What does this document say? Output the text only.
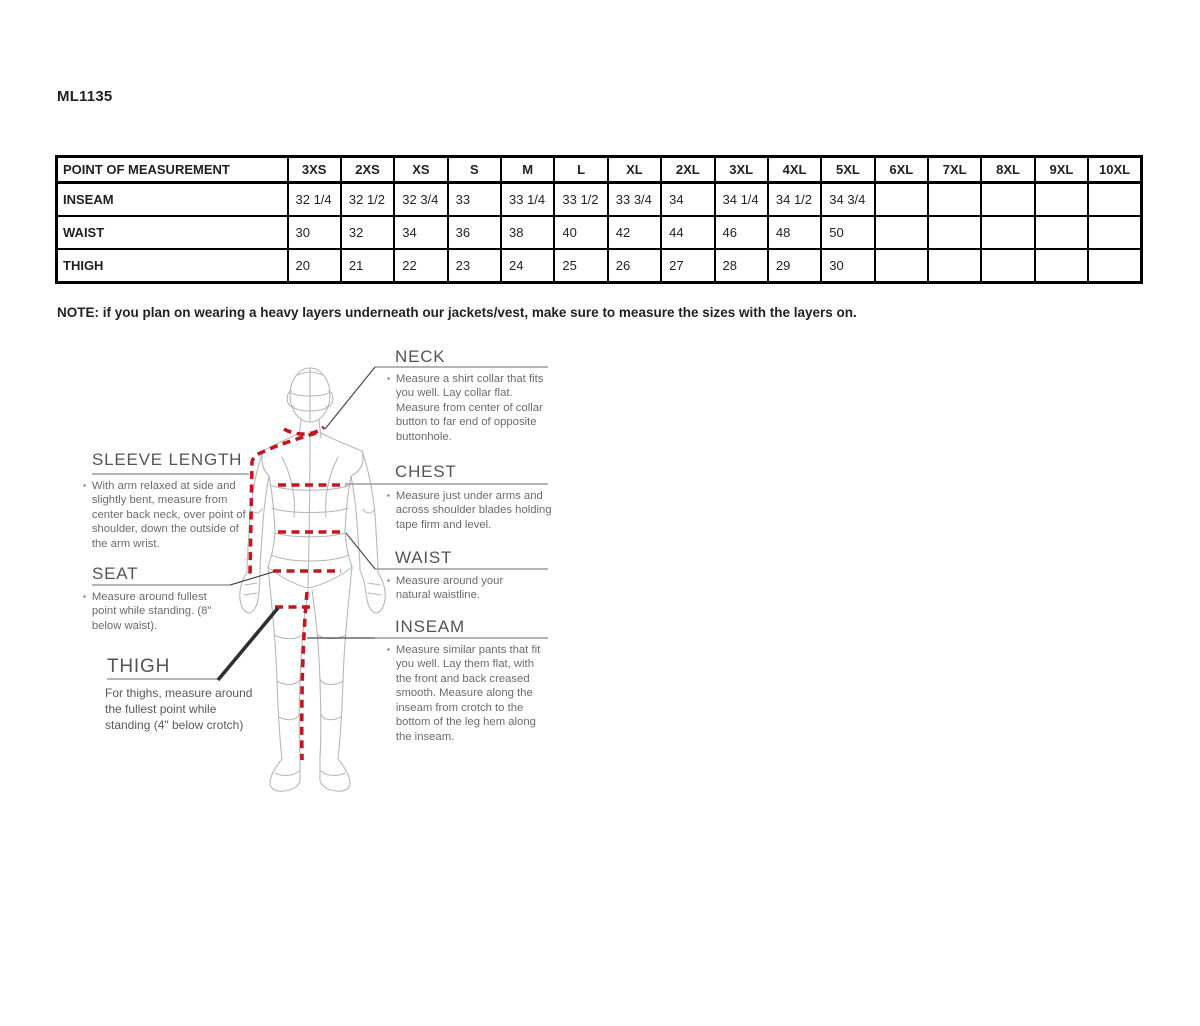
ML1135
POINT OF MEASUREMENT	3XS	2XS	XS	S	M	L	XL	2XL	3XL	4XL	5XL	6XL	7XL	8XL	9XL	10XL
INSEAM	32 1/4	32 1/2	32 3/4	33	33 1/4	33 1/2	33 3/4	34	34 1/4	34 1/2	34 3/4					
WAIST	30	32	34	36	38	40	42	44	46	48	50					
THIGH	20	21	22	23	24	25	26	27	28	29	30					
NOTE: if you plan on wearing a heavy layers underneath our jackets/vest, make sure to measure the sizes with the layers on.
NECK
▪ Measure a shirt collar that fits you well. Lay collar flat. Measure from center of collar button to far end of opposite buttonhole.
CHEST
▪ Measure just under arms and across shoulder blades holding tape firm and level.
WAIST
▪ Measure around your natural waistline.
INSEAM
▪ Measure similar pants that fit you well. Lay them flat, with the front and back creased smooth. Measure along the inseam from crotch to the bottom of the leg hem along the inseam.
SLEEVE LENGTH
▪ With arm relaxed at side and slightly bent, measure from center back neck, over point of shoulder, down the outside of the arm wrist.
SEAT
▪ Measure around fullest point while standing. (8" below waist).
THIGH
For thighs, measure around the fullest point while standing (4" below crotch)
